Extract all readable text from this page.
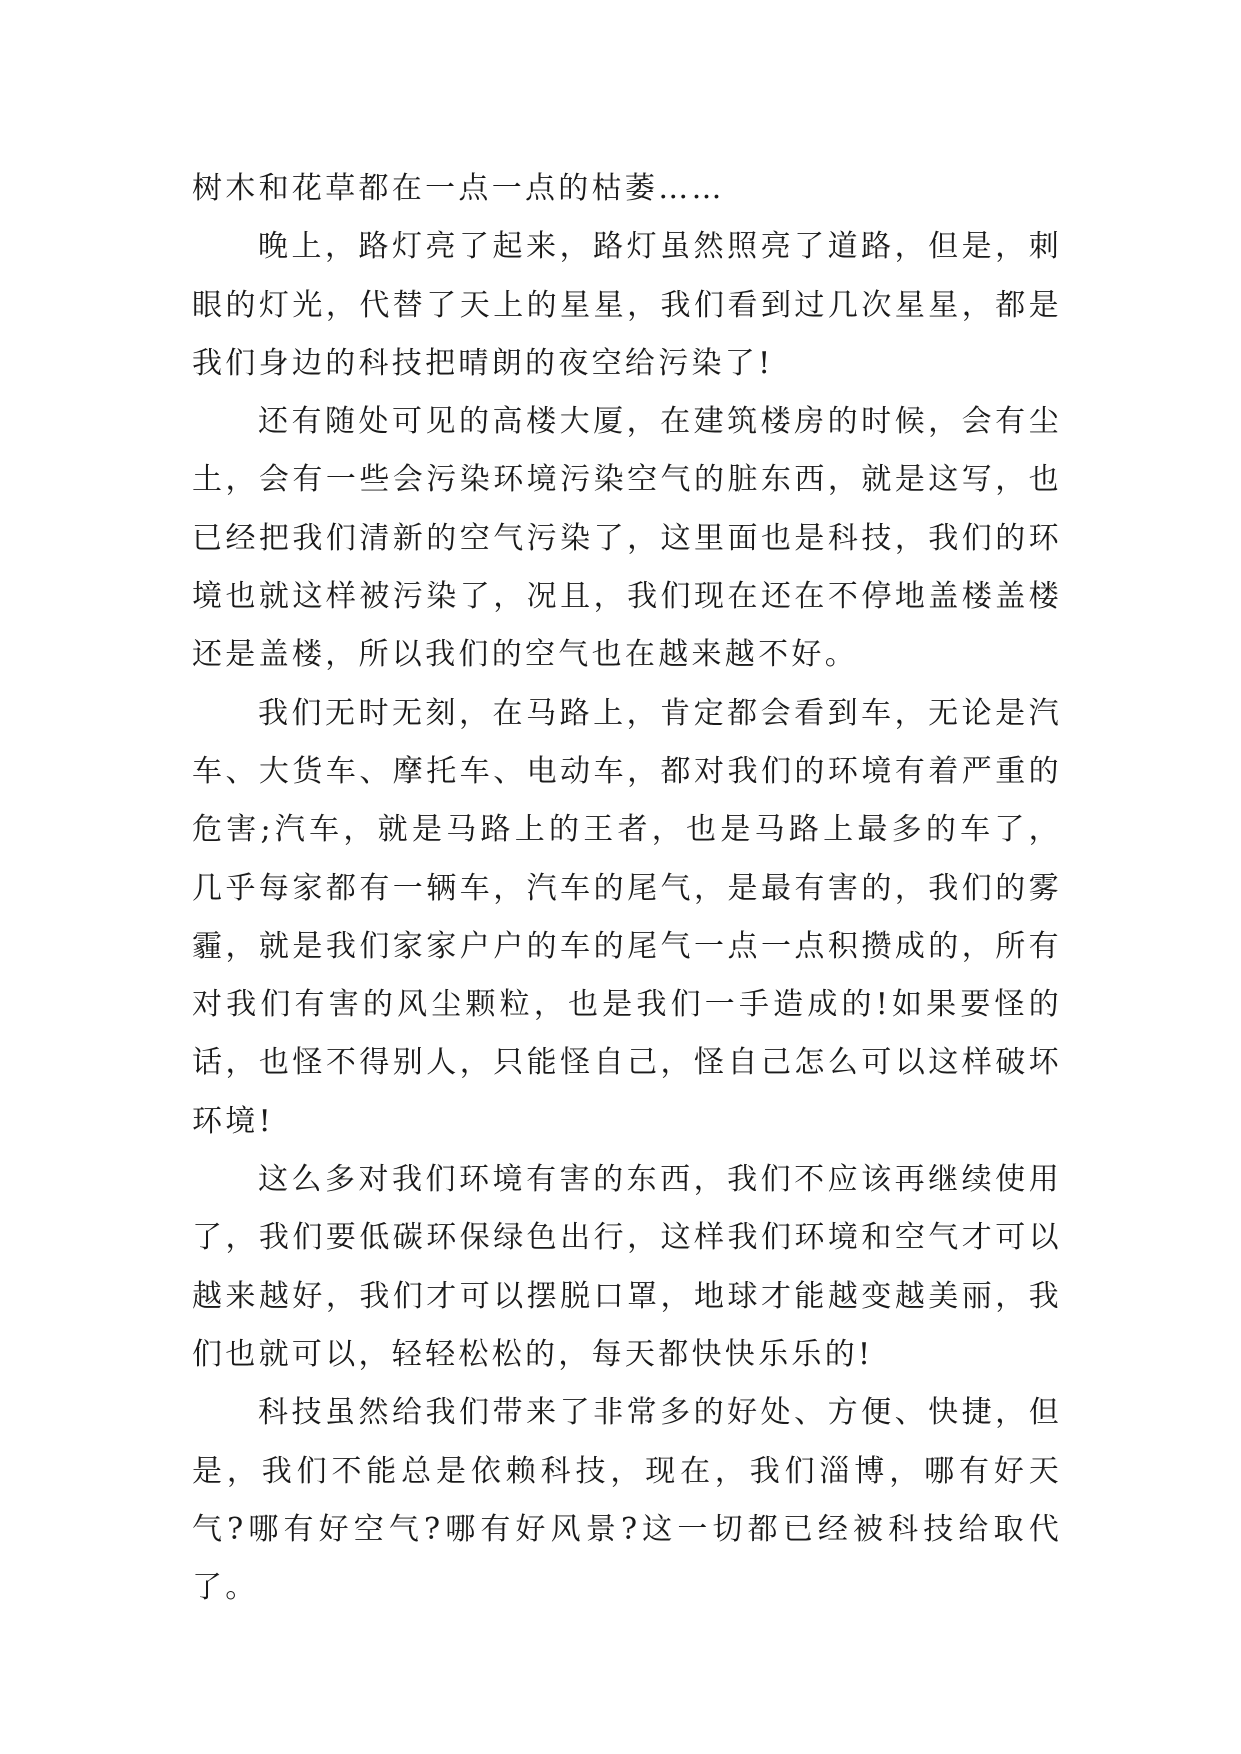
树木和花草都在一点一点的枯萎……

晚上，路灯亮了起来，路灯虽然照亮了道路，但是，刺眼的灯光，代替了天上的星星，我们看到过几次星星，都是我们身边的科技把晴朗的夜空给污染了!

还有随处可见的高楼大厦，在建筑楼房的时候，会有尘土，会有一些会污染环境污染空气的脏东西，就是这写，也已经把我们清新的空气污染了，这里面也是科技，我们的环境也就这样被污染了，况且，我们现在还在不停地盖楼盖楼还是盖楼，所以我们的空气也在越来越不好。

我们无时无刻，在马路上，肯定都会看到车，无论是汽车、大货车、摩托车、电动车，都对我们的环境有着严重的危害;汽车，就是马路上的王者，也是马路上最多的车了，几乎每家都有一辆车，汽车的尾气，是最有害的，我们的雾霾，就是我们家家户户的车的尾气一点一点积攒成的，所有对我们有害的风尘颗粒，也是我们一手造成的!如果要怪的话，也怪不得别人，只能怪自己，怪自己怎么可以这样破坏环境!

这么多对我们环境有害的东西，我们不应该再继续使用了，我们要低碳环保绿色出行，这样我们环境和空气才可以越来越好，我们才可以摆脱口罩，地球才能越变越美丽，我们也就可以，轻轻松松的，每天都快快乐乐的!

科技虽然给我们带来了非常多的好处、方便、快捷，但是，我们不能总是依赖科技，现在，我们淄博，哪有好天气?哪有好空气?哪有好风景?这一切都已经被科技给取代了。
